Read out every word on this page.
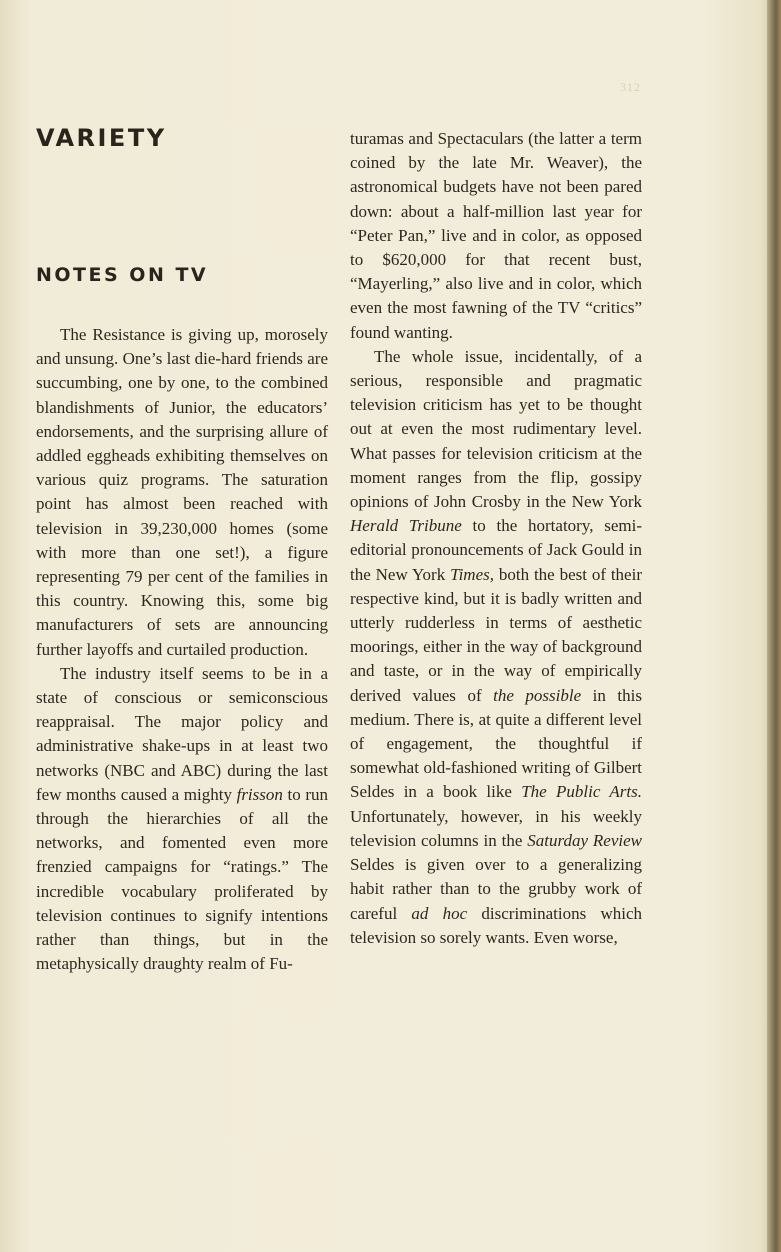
312
VARIETY
NOTES ON TV

The Resistance is giving up, morosely and unsung. One’s last die-hard friends are succumbing, one by one, to the combined blandishments of Junior, the educators’ endorsements, and the surprising allure of addled eggheads exhibiting themselves on various quiz programs. The saturation point has almost been reached with television in 39,230,000 homes (some with more than one set!), a figure representing 79 per cent of the families in this country. Knowing this, some big manufacturers of sets are announcing further layoffs and curtailed production.

The industry itself seems to be in a state of conscious or semiconscious reappraisal. The major policy and administrative shake-ups in at least two networks (NBC and ABC) during the last few months caused a mighty frisson to run through the hierarchies of all the networks, and fomented even more frenzied campaigns for “ratings.” The incredible vocabulary proliferated by television continues to signify intentions rather than things, but in the metaphysically draughty realm of Fu-

turamas and Spectaculars (the latter a term coined by the late Mr. Weaver), the astronomical budgets have not been pared down: about a half-million last year for “Peter Pan,” live and in color, as opposed to $620,000 for that recent bust, “Mayerling,” also live and in color, which even the most fawning of the TV “critics” found wanting.

The whole issue, incidentally, of a serious, responsible and pragmatic television criticism has yet to be thought out at even the most rudimentary level. What passes for television criticism at the moment ranges from the flip, gossipy opinions of John Crosby in the New York Herald Tribune to the hortatory, semi-editorial pronouncements of Jack Gould in the New York Times, both the best of their respective kind, but it is badly written and utterly rudderless in terms of aesthetic moorings, either in the way of background and taste, or in the way of empirically derived values of the possible in this medium. There is, at quite a different level of engagement, the thoughtful if somewhat old-fashioned writing of Gilbert Seldes in a book like The Public Arts. Unfortunately, however, in his weekly television columns in the Saturday Review Seldes is given over to a generalizing habit rather than to the grubby work of careful ad hoc discriminations which television so sorely wants. Even worse,
